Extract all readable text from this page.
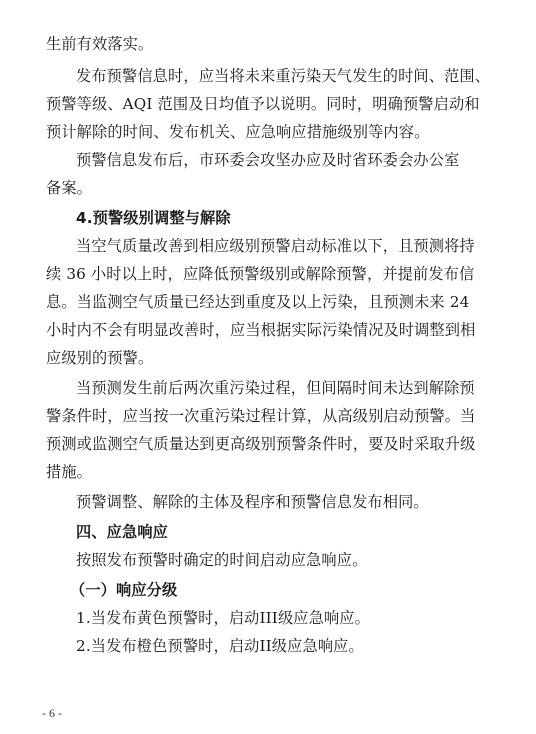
生前有效落实。
发布预警信息时，应当将未来重污染天气发生的时间、范围、
预警等级、AQI 范围及日均值予以说明。同时，明确预警启动和
预计解除的时间、发布机关、应急响应措施级别等内容。
预警信息发布后，市环委会攻坚办应及时省环委会办公室
备案。
4.预警级别调整与解除
当空气质量改善到相应级别预警启动标准以下，且预测将持
续 36 小时以上时，应降低预警级别或解除预警，并提前发布信
息。当监测空气质量已经达到重度及以上污染，且预测未来 24
小时内不会有明显改善时，应当根据实际污染情况及时调整到相
应级别的预警。
当预测发生前后两次重污染过程，但间隔时间未达到解除预
警条件时，应当按一次重污染过程计算，从高级别启动预警。当
预测或监测空气质量达到更高级别预警条件时，要及时采取升级
措施。
预警调整、解除的主体及程序和预警信息发布相同。
四、应急响应
按照发布预警时确定的时间启动应急响应。
（一）响应分级
1.当发布黄色预警时，启动III级应急响应。
2.当发布橙色预警时，启动II级应急响应。
- 6 -
